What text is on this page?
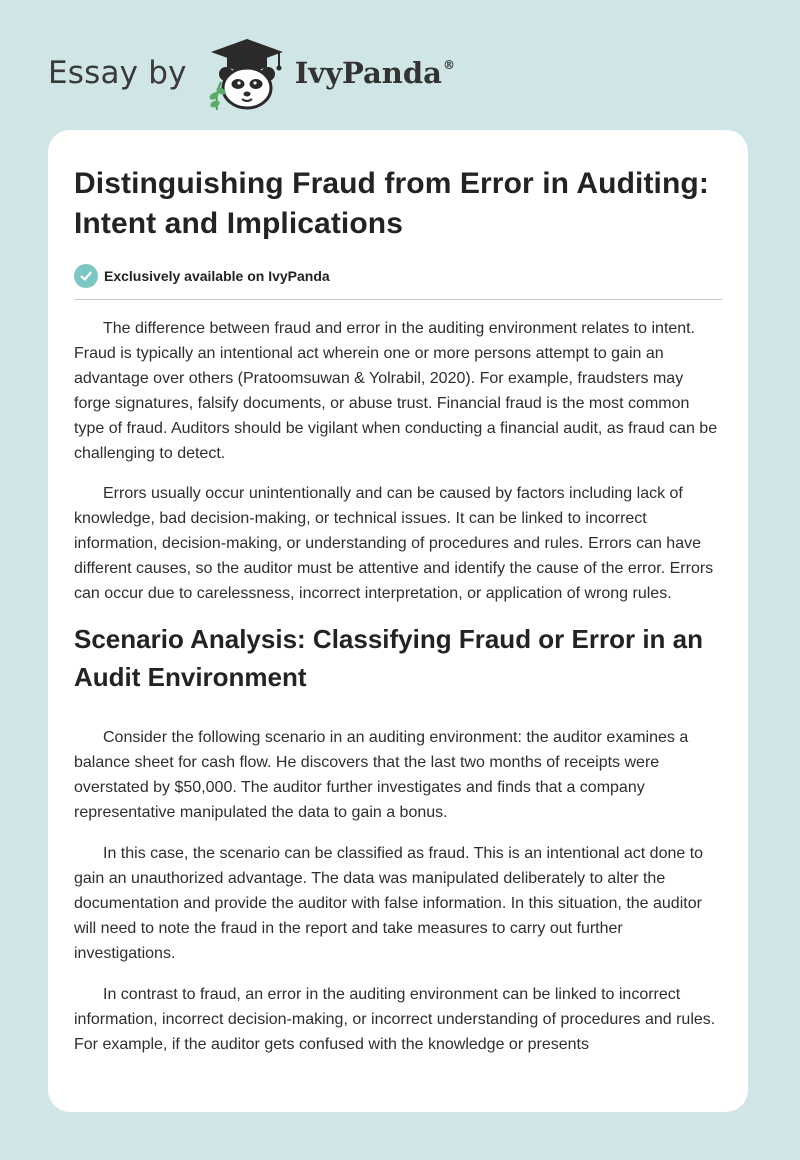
Essay by	IvyPanda®
Distinguishing Fraud from Error in Auditing: Intent and Implications
Exclusively available on IvyPanda

The difference between fraud and error in the auditing environment relates to intent. Fraud is typically an intentional act wherein one or more persons attempt to gain an advantage over others (Pratoomsuwan & Yolrabil, 2020). For example, fraudsters may forge signatures, falsify documents, or abuse trust. Financial fraud is the most common type of fraud. Auditors should be vigilant when conducting a financial audit, as fraud can be challenging to detect.

Errors usually occur unintentionally and can be caused by factors including lack of knowledge, bad decision-making, or technical issues. It can be linked to incorrect information, decision-making, or understanding of procedures and rules. Errors can have different causes, so the auditor must be attentive and identify the cause of the error. Errors can occur due to carelessness, incorrect interpretation, or application of wrong rules.

Scenario Analysis: Classifying Fraud or Error in an Audit Environment

Consider the following scenario in an auditing environment: the auditor examines a balance sheet for cash flow. He discovers that the last two months of receipts were overstated by $50,000. The auditor further investigates and finds that a company representative manipulated the data to gain a bonus.

In this case, the scenario can be classified as fraud. This is an intentional act done to gain an unauthorized advantage. The data was manipulated deliberately to alter the documentation and provide the auditor with false information. In this situation, the auditor will need to note the fraud in the report and take measures to carry out further investigations.

In contrast to fraud, an error in the auditing environment can be linked to incorrect information, incorrect decision-making, or incorrect understanding of procedures and rules. For example, if the auditor gets confused with the knowledge or presents
